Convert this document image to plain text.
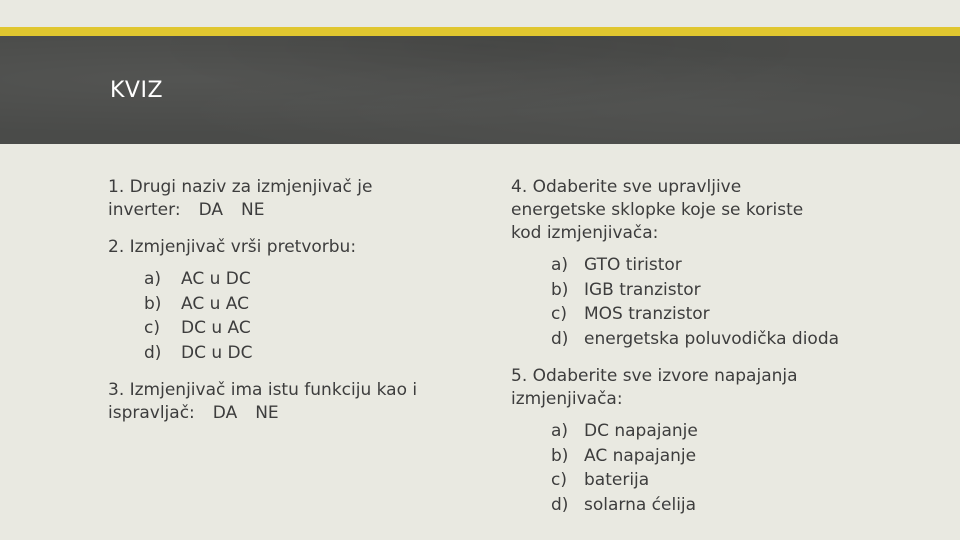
KVIZ
1. Drugi naziv za izmjenjivač je
inverter: DA NE
2. Izmjenjivač vrši pretvorbu:
a)	AC u DC
b)	AC u AC
c)	DC u AC
d)	DC u DC
3. Izmjenjivač ima istu funkciju kao i
ispravljač: DA NE
4. Odaberite sve upravljive
energetske sklopke koje se koriste
kod izmjenjivača:
a) GTO tiristor
b) IGB tranzistor
c)	MOS tranzistor
d) energetska poluvodička dioda
5. Odaberite sve izvore napajanja
izmjenjivača:
a) DC napajanje
b) AC napajanje
c)	baterija
d) solarna ćelija
